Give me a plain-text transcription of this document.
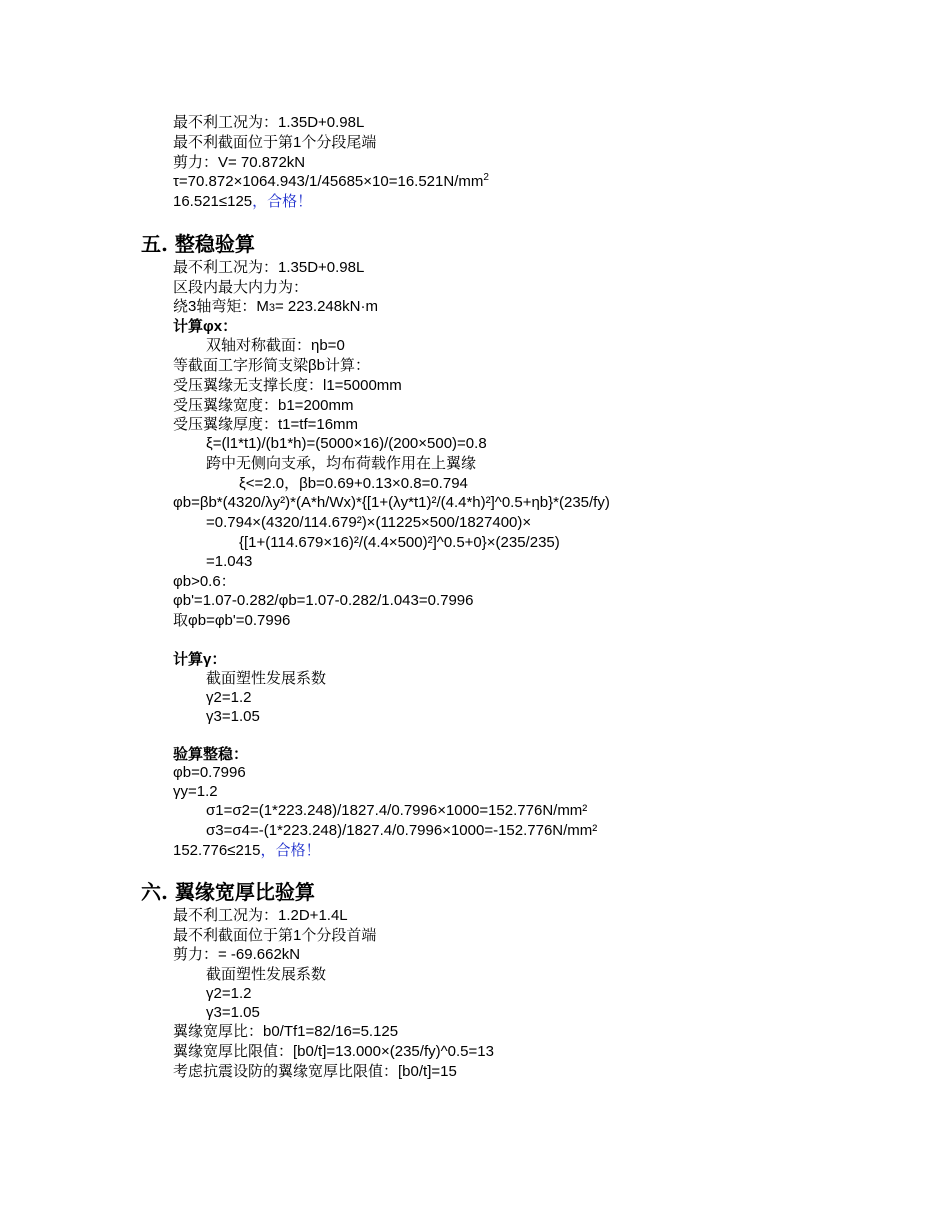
最不利工况为：1.35D+0.98L
最不利截面位于第1个分段尾端
剪力：V= 70.872kN
$\tau=70.872\times 1064.943/1/45685\times 10=16.521N/mm^2$
16.521≤125，合格！
五. 整稳验算
最不利工况为：1.35D+0.98L
区段内最大内力为：
绕3轴弯矩：M3= 223.248kN·m
计算φx：
双轴对称截面：ηb=0
等截面工字形简支梁βb计算：
受压翼缘无支撑长度：l1=5000mm
受压翼缘宽度：b1=200mm
受压翼缘厚度：t1=tf=16mm
ξ=(l1*t1)/(b1*h)=(5000×16)/(200×500)=0.8
跨中无侧向支承，均布荷载作用在上翼缘
ξ<=2.0，βb=0.69+0.13×0.8=0.794
φb=βb*(4320/λy²)*(A*h/Wx)*{[1+(λy*t1)²/(4.4*h)²]^0.5+ηb}*(235/fy)
=0.794×(4320/114.679²)×(11225×500/1827400)×
{[1+(114.679×16)²/(4.4×500)²]^0.5+0}×(235/235)
=1.043
φb>0.6：
φb'=1.07-0.282/φb=1.07-0.282/1.043=0.7996
取φb=φb'=0.7996
计算γ：
截面塑性发展系数
γ2=1.2
γ3=1.05
验算整稳：
φb=0.7996
γy=1.2
σ1=σ2=(1*223.248)/1827.4/0.7996×1000=152.776N/mm²
σ3=σ4=-(1*223.248)/1827.4/0.7996×1000=-152.776N/mm²
152.776≤215，合格！
六. 翼缘宽厚比验算
最不利工况为：1.2D+1.4L
最不利截面位于第1个分段首端
剪力：= -69.662kN
截面塑性发展系数
γ2=1.2
γ3=1.05
翼缘宽厚比：b0/Tf1=82/16=5.125
翼缘宽厚比限值：[b0/t]=13.000×(235/fy)^0.5=13
考虑抗震设防的翼缘宽厚比限值：[b0/t]=15
